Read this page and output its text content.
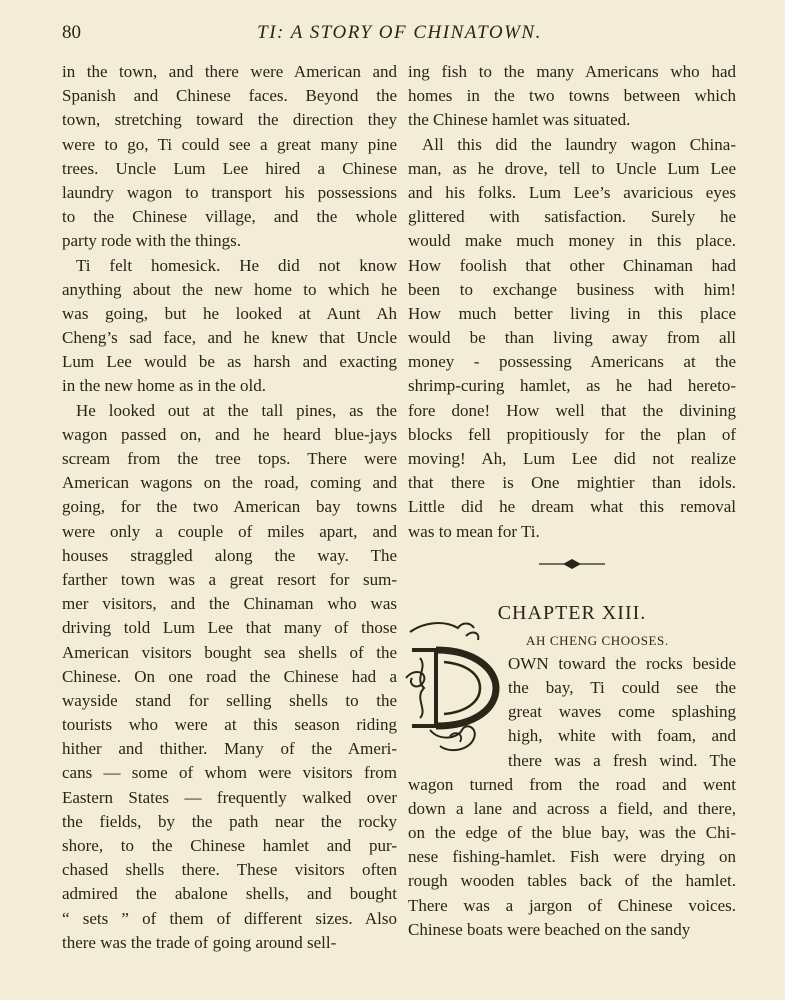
80	TI: A STORY OF CHINATOWN.
in the town, and there were American and
Spanish and Chinese faces. Beyond the
town, stretching toward the direction they
were to go, Ti could see a great many pine
trees. Uncle Lum Lee hired a Chinese
laundry wagon to transport his possessions
to the Chinese village, and the whole
party rode with the things.
Ti felt homesick. He did not know
anything about the new home to which he
was going, but he looked at Aunt Ah
Cheng’s sad face, and he knew that Uncle
Lum Lee would be as harsh and exacting
in the new home as in the old.
He looked out at the tall pines, as the
wagon passed on, and he heard blue-jays
scream from the tree tops. There were
American wagons on the road, coming and
going, for the two American bay towns
were only a couple of miles apart, and
houses straggled along the way. The
farther town was a great resort for sum-
mer visitors, and the Chinaman who was
driving told Lum Lee that many of those
American visitors bought sea shells of the
Chinese. On one road the Chinese had a
wayside stand for selling shells to the
tourists who were at this season riding
hither and thither. Many of the Ameri-
cans — some of whom were visitors from
Eastern States — frequently walked over
the fields, by the path near the rocky
shore, to the Chinese hamlet and pur-
chased shells there. These visitors often
admired the abalone shells, and bought
“ sets ” of them of different sizes. Also
there was the trade of going around sell-
ing fish to the many Americans who had
homes in the two towns between which
the Chinese hamlet was situated.
All this did the laundry wagon China-
man, as he drove, tell to Uncle Lum Lee
and his folks. Lum Lee’s avaricious eyes
glittered with satisfaction. Surely he
would make much money in this place.
How foolish that other Chinaman had
been to exchange business with him!
How much better living in this place
would be than living away from all
money - possessing Americans at the
shrimp-curing hamlet, as he had hereto-
fore done! How well that the divining
blocks fell propitiously for the plan of
moving! Ah, Lum Lee did not realize
that there is One mightier than idols.
Little did he dream what this removal
was to mean for Ti.
CHAPTER XIII.
AH CHENG CHOOSES.
OWN toward the rocks beside
the bay, Ti could see the
great waves come splashing
high, white with foam, and
there was a fresh wind. The
wagon turned from the road and went
down a lane and across a field, and there,
on the edge of the blue bay, was the Chi-
nese fishing-hamlet. Fish were drying on
rough wooden tables back of the hamlet.
There was a jargon of Chinese voices.
Chinese boats were beached on the sandy
